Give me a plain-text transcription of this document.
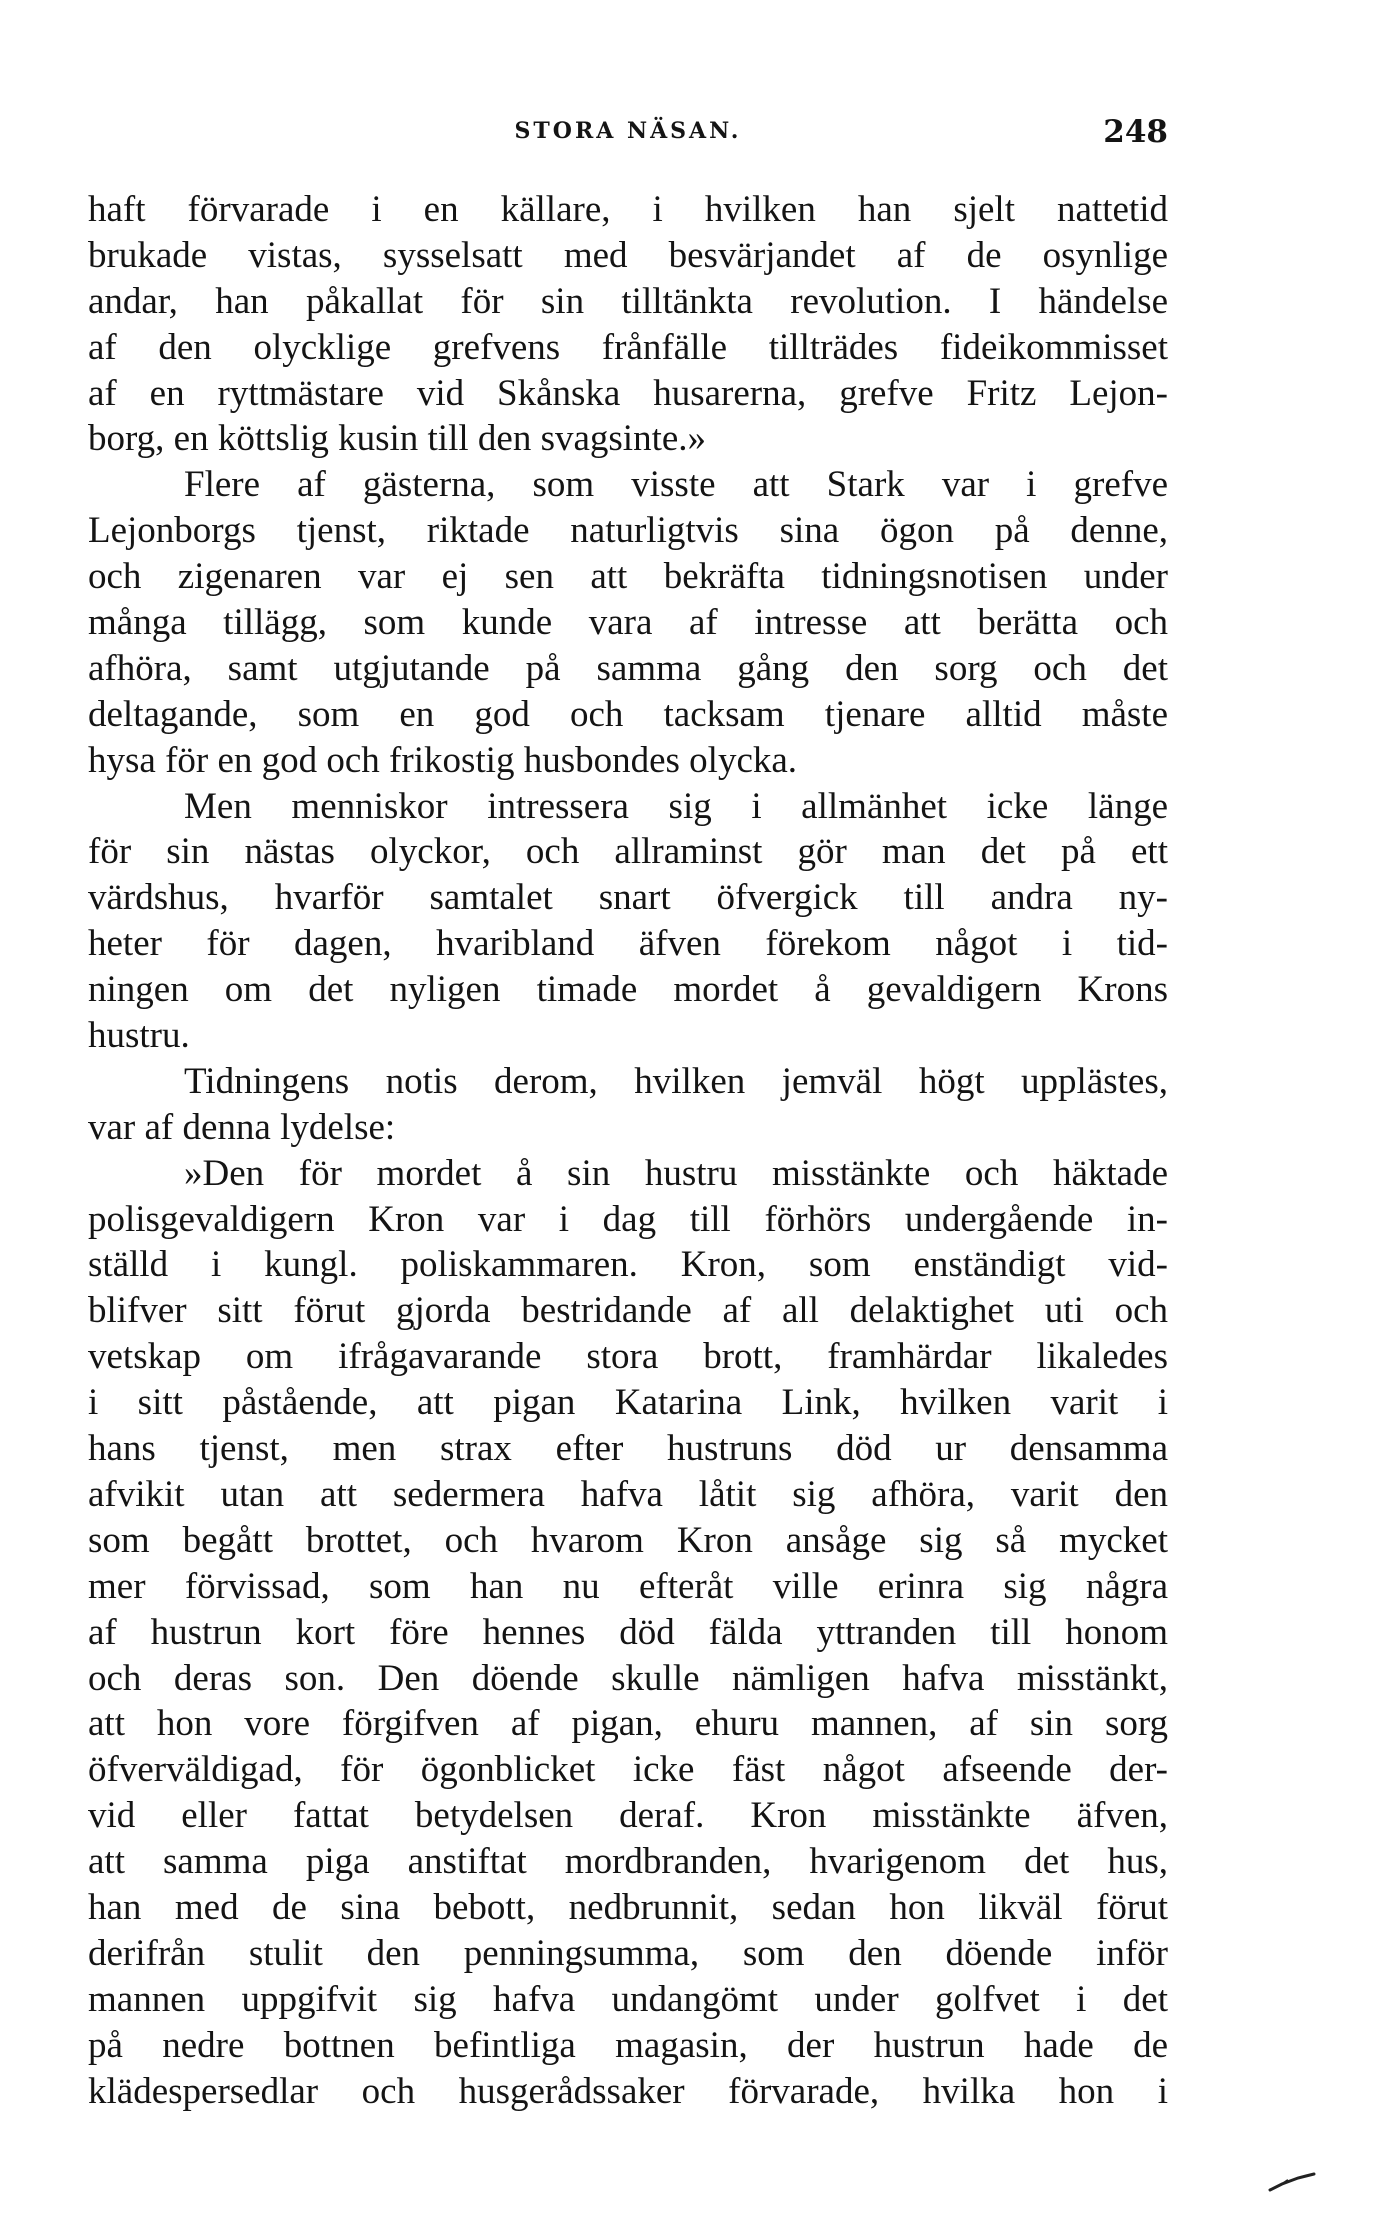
STORA NÄSAN.	248
haft förvarade i en källare, i hvilken han sjelt nattetid
brukade vistas, sysselsatt med besvärjandet af de osynlige
andar, han påkallat för sin tilltänkta revolution. I händelse
af den olycklige grefvens frånfälle tillträdes fideikommisset
af en ryttmästare vid Skånska husarerna, grefve Fritz Lejon-
borg, en köttslig kusin till den svagsinte.»
Flere af gästerna, som visste att Stark var i grefve
Lejonborgs tjenst, riktade naturligtvis sina ögon på denne,
och zigenaren var ej sen att bekräfta tidningsnotisen under
många tillägg, som kunde vara af intresse att berätta och
afhöra, samt utgjutande på samma gång den sorg och det
deltagande, som en god och tacksam tjenare alltid måste
hysa för en god och frikostig husbondes olycka.
Men menniskor intressera sig i allmänhet icke länge
för sin nästas olyckor, och allraminst gör man det på ett
värdshus, hvarför samtalet snart öfvergick till andra ny-
heter för dagen, hvaribland äfven förekom något i tid-
ningen om det nyligen timade mordet å gevaldigern Krons
hustru.
Tidningens notis derom, hvilken jemväl högt upplästes,
var af denna lydelse:
»Den för mordet å sin hustru misstänkte och häktade
polisgevaldigern Kron var i dag till förhörs undergående in-
ställd i kungl. poliskammaren. Kron, som enständigt vid-
blifver sitt förut gjorda bestridande af all delaktighet uti och
vetskap om ifrågavarande stora brott, framhärdar likaledes
i sitt påstående, att pigan Katarina Link, hvilken varit i
hans tjenst, men strax efter hustruns död ur densamma
afvikit utan att sedermera hafva låtit sig afhöra, varit den
som begått brottet, och hvarom Kron ansåge sig så mycket
mer förvissad, som han nu efteråt ville erinra sig några
af hustrun kort före hennes död fälda yttranden till honom
och deras son. Den döende skulle nämligen hafva misstänkt,
att hon vore förgifven af pigan, ehuru mannen, af sin sorg
öfverväldigad, för ögonblicket icke fäst något afseende der-
vid eller fattat betydelsen deraf. Kron misstänkte äfven,
att samma piga anstiftat mordbranden, hvarigenom det hus,
han med de sina bebott, nedbrunnit, sedan hon likväl förut
derifrån stulit den penningsumma, som den döende inför
mannen uppgifvit sig hafva undangömt under golfvet i det
på nedre bottnen befintliga magasin, der hustrun hade de
klädespersedlar och husgerådssaker förvarade, hvilka hon i
